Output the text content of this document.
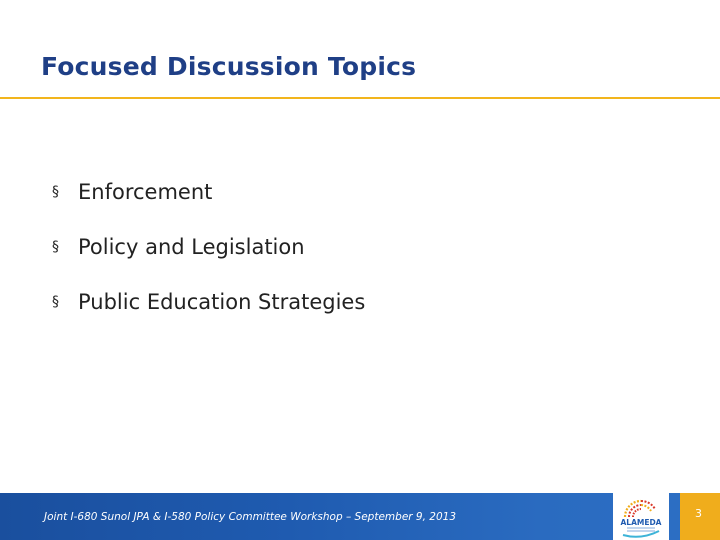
Focused Discussion Topics
§ Enforcement
§ Policy and Legislation
§ Public Education Strategies
Joint I-680 Sunol JPA & I-580 Policy Committee Workshop – September 9, 2013	ALAMEDA
3
